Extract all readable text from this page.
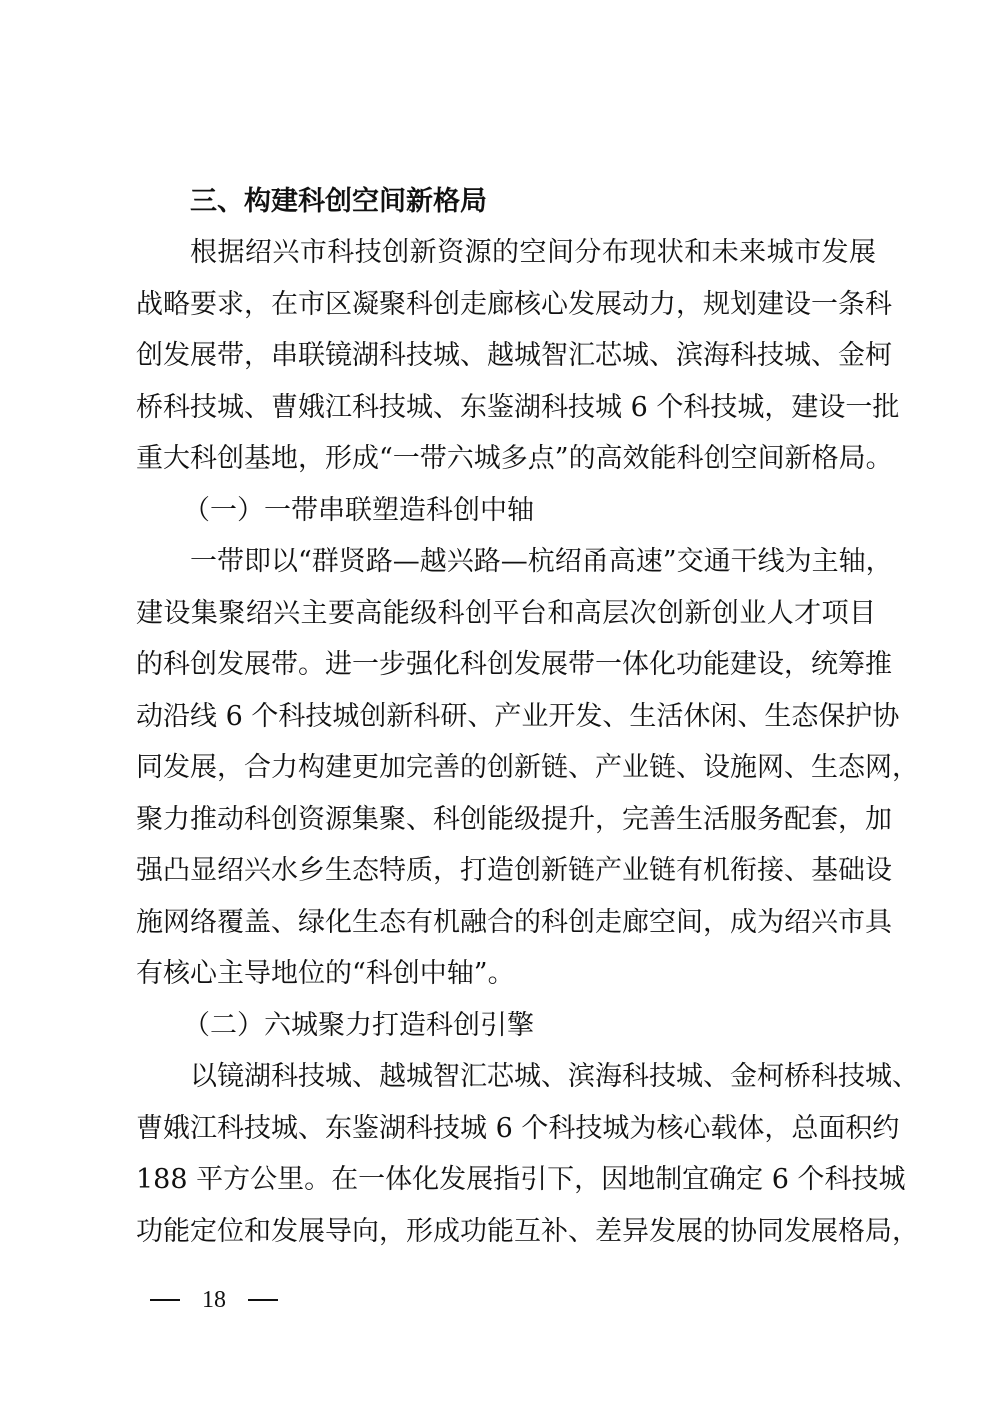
三、构建科创空间新格局
根据绍兴市科技创新资源的空间分布现状和未来城市发展
战略要求，在市区凝聚科创走廊核心发展动力，规划建设一条科
创发展带，串联镜湖科技城、越城智汇芯城、滨海科技城、金柯
桥科技城、曹娥江科技城、东鉴湖科技城 6 个科技城，建设一批
重大科创基地，形成“一带六城多点”的高效能科创空间新格局。
（一）一带串联塑造科创中轴
一带即以“群贤路—越兴路—杭绍甬高速”交通干线为主轴，
建设集聚绍兴主要高能级科创平台和高层次创新创业人才项目
的科创发展带。进一步强化科创发展带一体化功能建设，统筹推
动沿线 6 个科技城创新科研、产业开发、生活休闲、生态保护协
同发展，合力构建更加完善的创新链、产业链、设施网、生态网，
聚力推动科创资源集聚、科创能级提升，完善生活服务配套，加
强凸显绍兴水乡生态特质，打造创新链产业链有机衔接、基础设
施网络覆盖、绿化生态有机融合的科创走廊空间，成为绍兴市具
有核心主导地位的“科创中轴”。
（二）六城聚力打造科创引擎
以镜湖科技城、越城智汇芯城、滨海科技城、金柯桥科技城、
曹娥江科技城、东鉴湖科技城 6 个科技城为核心载体，总面积约
188 平方公里。在一体化发展指引下，因地制宜确定 6 个科技城
功能定位和发展导向，形成功能互补、差异发展的协同发展格局，
18
